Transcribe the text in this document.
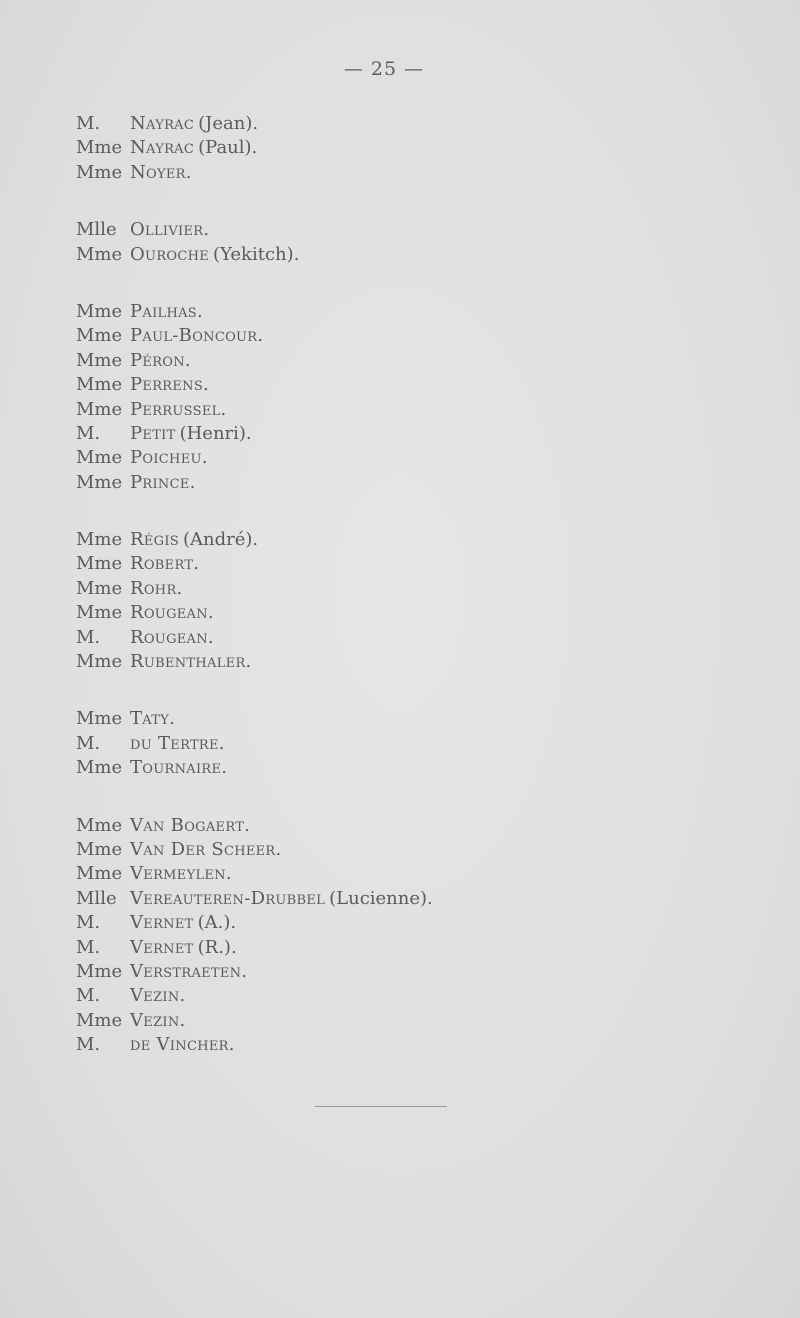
— 25 —
M.	Nayrac (Jean).
Mme Nayrac (Paul).
Mme Noyer.
Mlle Ollivier.
Mme Ouroche (Yekitch).
Mme Pailhas.
Mme Paul-Boncour.
Mme Péron.
Mme Perrens.
Mme Perrussel.
M.	Petit (Henri).
Mme Poicheu.
Mme Prince.
Mme Régis (André).
Mme Robert.
Mme Rohr.
Mme Rougean.
M.	Rougean.
Mme Rubenthaler.
Mme Taty.
M.	du Tertre.
Mme Tournaire.
Mme Van Bogaert.
Mme Van Der Scheer.
Mme Vermeylen.
Mlle Vereauteren-Drubbel (Lucienne).
M.	Vernet (A.).
M.	Vernet (R.).
Mme Verstraeten.
M.	Vezin.
Mme Vezin.
M.	de Vincher.
